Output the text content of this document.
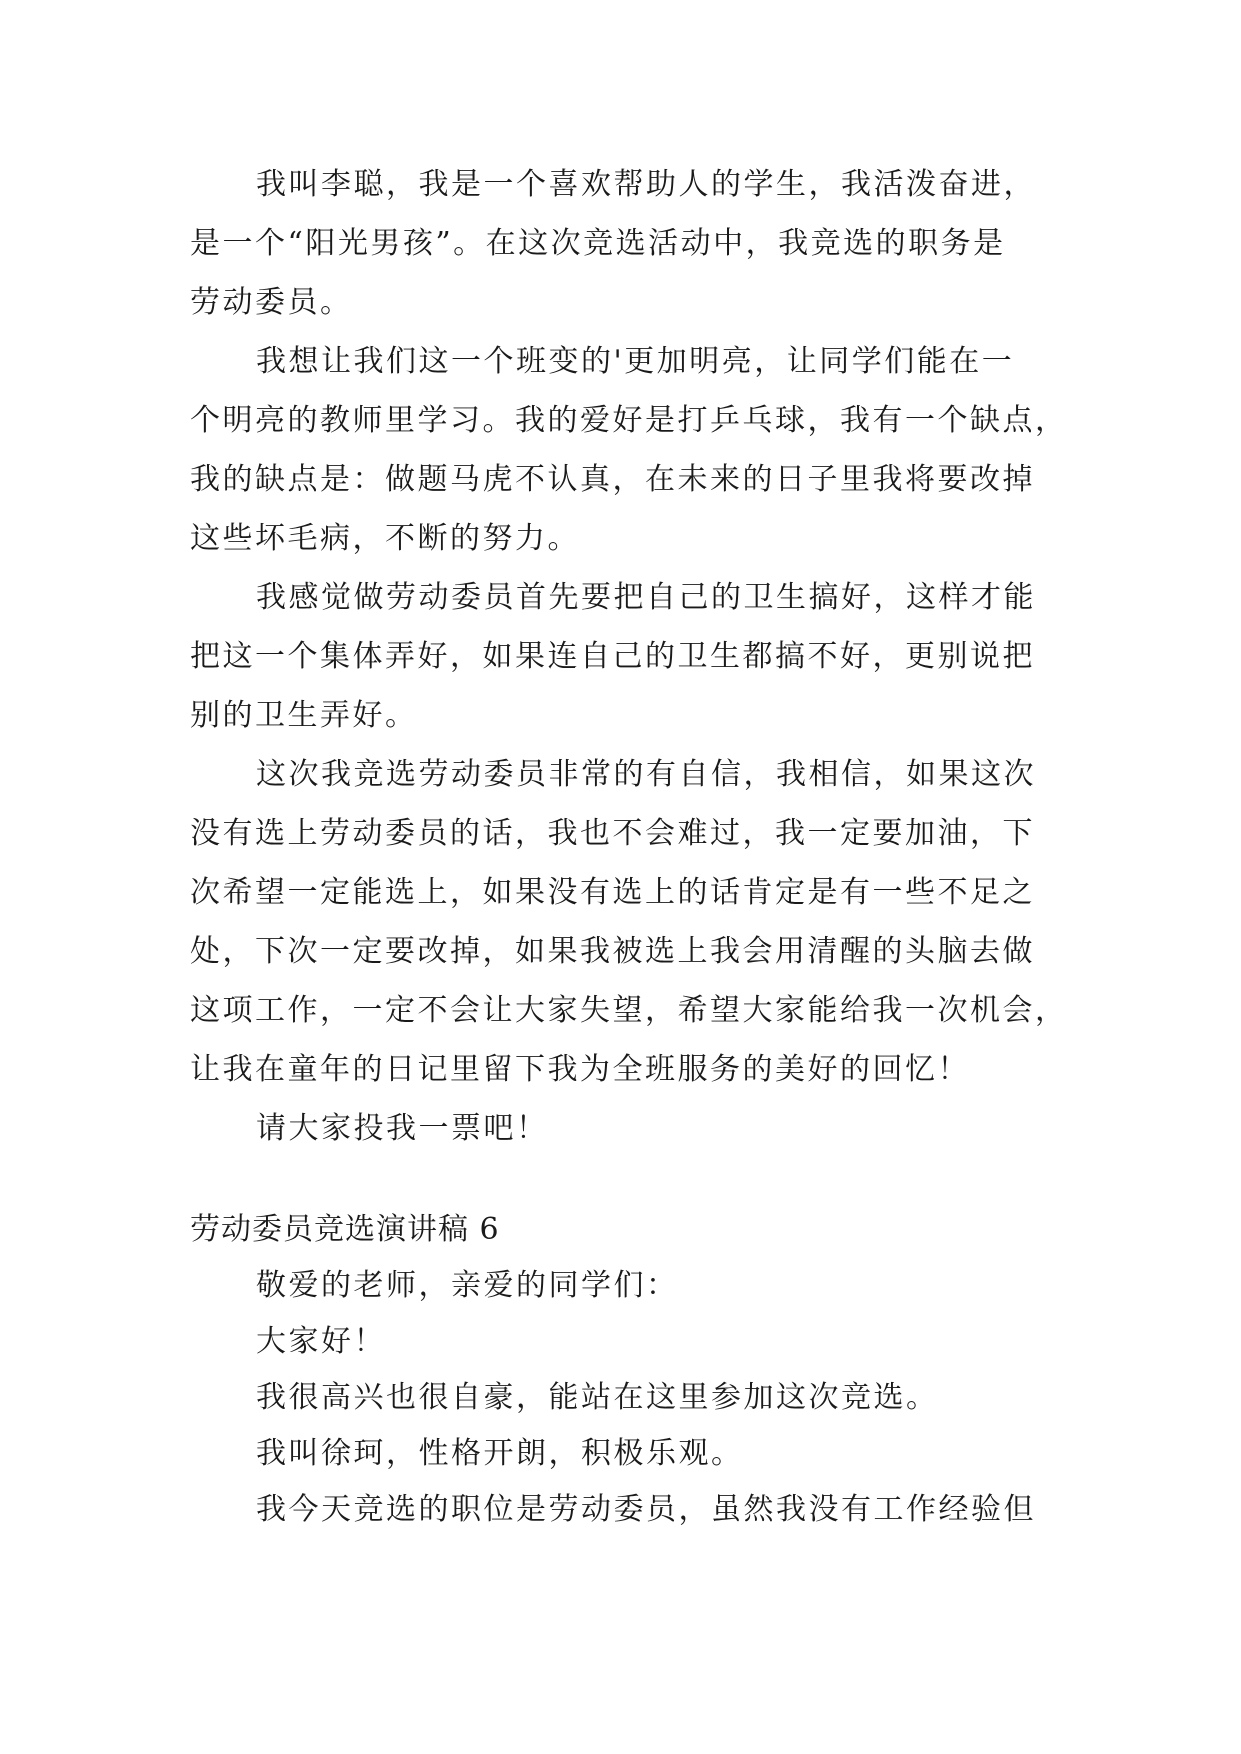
我叫李聪，我是一个喜欢帮助人的学生，我活泼奋进，
是一个“阳光男孩”。在这次竞选活动中，我竞选的职务是
劳动委员。
我想让我们这一个班变的'更加明亮，让同学们能在一
个明亮的教师里学习。我的爱好是打乒乓球，我有一个缺点，
我的缺点是：做题马虎不认真，在未来的日子里我将要改掉
这些坏毛病，不断的努力。
我感觉做劳动委员首先要把自己的卫生搞好，这样才能
把这一个集体弄好，如果连自己的卫生都搞不好，更别说把
别的卫生弄好。
这次我竞选劳动委员非常的有自信，我相信，如果这次
没有选上劳动委员的话，我也不会难过，我一定要加油，下
次希望一定能选上，如果没有选上的话肯定是有一些不足之
处，下次一定要改掉，如果我被选上我会用清醒的头脑去做
这项工作，一定不会让大家失望，希望大家能给我一次机会，
让我在童年的日记里留下我为全班服务的美好的回忆！
请大家投我一票吧！
劳动委员竞选演讲稿 6
敬爱的老师，亲爱的同学们：
大家好！
我很高兴也很自豪，能站在这里参加这次竞选。
我叫徐珂，性格开朗，积极乐观。
我今天竞选的职位是劳动委员，虽然我没有工作经验但
